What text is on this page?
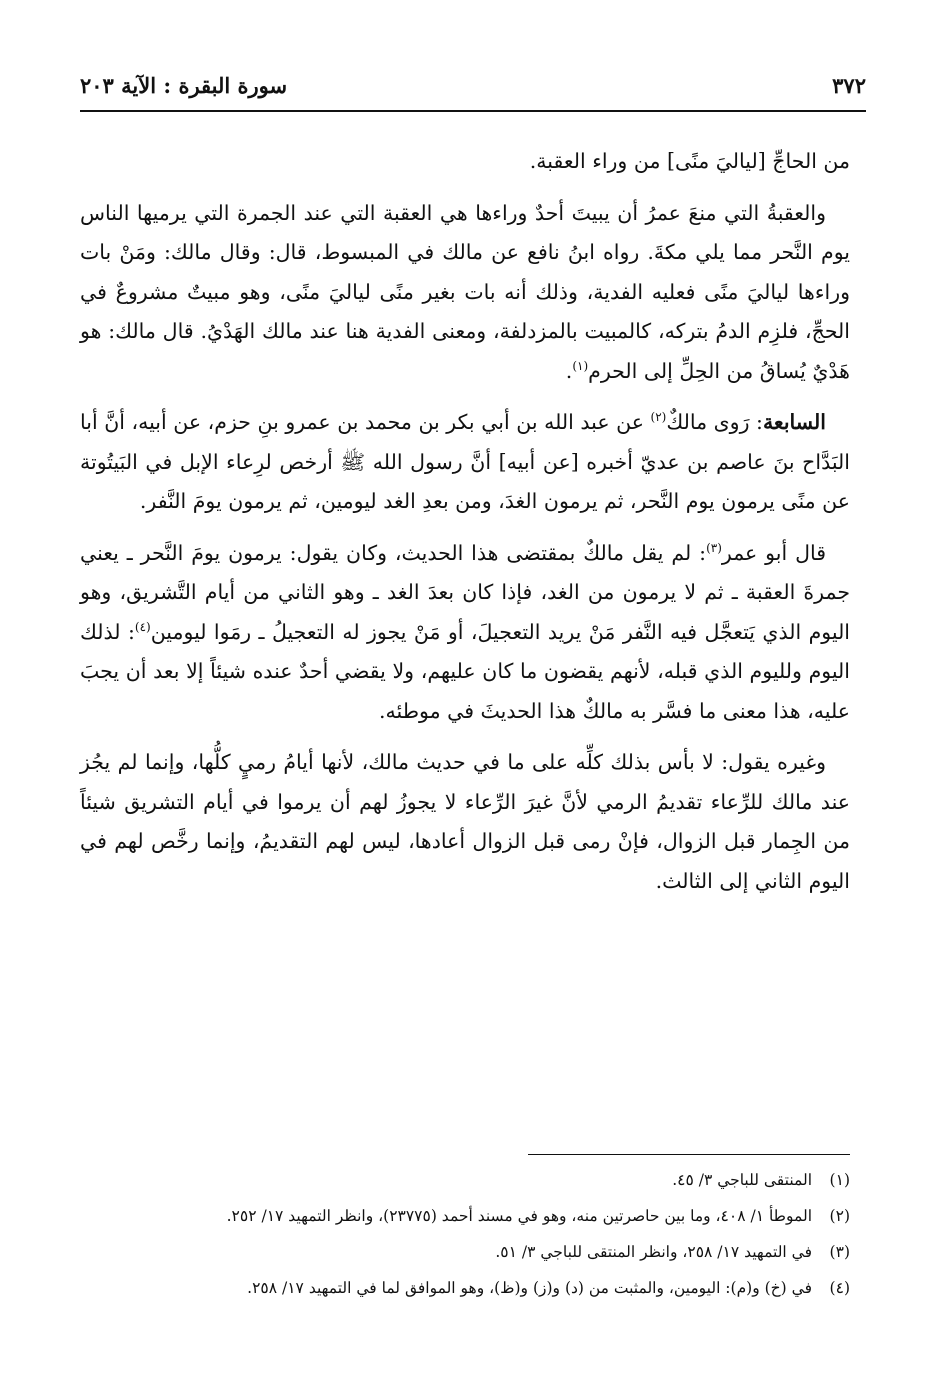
٣٧٢
سورة البقرة : الآية ٢٠٣

من الحاجِّ [لياليَ منًى] من وراء العقبة.

والعقبةُ التي منعَ عمرُ أن يبيتَ أحدٌ وراءها هي العقبة التي عند الجمرة التي يرميها الناس يوم النَّحر مما يلي مكةَ. رواه ابنُ نافع عن مالك في المبسوط، قال: وقال مالك: ومَنْ بات وراءها لياليَ منًى فعليه الفدية، وذلك أنه بات بغير منًى لياليَ منًى، وهو مبيتٌ مشروعٌ في الحجِّ، فلزِم الدمُ بتركه، كالمبيت بالمزدلفة، ومعنى الفدية هنا عند مالك الهَدْيُ. قال مالك: هو هَدْيٌ يُساقُ من الحِلِّ إلى الحرم$^{(١)}$.

السابعة: رَوى مالكٌ$^{(٢)}$ عن عبد الله بن أبي بكر بن محمد بن عمرو بنِ حزم، عن أبيه، أنَّ أبا البَدَّاح بنَ عاصم بن عديّ أخبره [عن أبيه] أنَّ رسول الله ﷺ أرخص لرِعاء الإبل في البَيتُوتة عن منًى يرمون يوم النَّحر، ثم يرمون الغدَ، ومن بعدِ الغد ليومين، ثم يرمون يومَ النَّفر.

قال أبو عمر$^{(٣)}$: لم يقل مالكٌ بمقتضى هذا الحديث، وكان يقول: يرمون يومَ النَّحر ـ يعني جمرةَ العقبة ـ ثم لا يرمون من الغد، فإذا كان بعدَ الغد ـ وهو الثاني من أيام التَّشريق، وهو اليوم الذي يَتعجَّل فيه النَّفر مَنْ يريد التعجيلَ، أو مَنْ يجوز له التعجيلُ ـ رمَوا ليومين$^{(٤)}$: لذلك اليوم ولليوم الذي قبله، لأنهم يقضون ما كان عليهم، ولا يقضي أحدٌ عنده شيئاً إلا بعد أن يجبَ عليه، هذا معنى ما فسَّر به مالكٌ هذا الحديثَ في موطئه.

وغيره يقول: لا بأس بذلك كلِّه على ما في حديث مالك، لأنها أيامُ رميٍ كلُّها، وإنما لم يجُز عند مالك للرِّعاء تقديمُ الرمي لأنَّ غيرَ الرِّعاء لا يجوزُ لهم أن يرموا في أيام التشريق شيئاً من الجِمار قبل الزوال، فإنْ رمى قبل الزوال أعادها، ليس لهم التقديمُ، وإنما رخَّص لهم في اليوم الثاني إلى الثالث.

(١)
المنتقى للباجي ٣/ ٤٥.
(٢)
الموطأ ١/ ٤٠٨، وما بين حاصرتين منه، وهو في مسند أحمد (٢٣٧٧٥)، وانظر التمهيد ١٧/ ٢٥٢.
(٣)
في التمهيد ١٧/ ٢٥٨، وانظر المنتقى للباجي ٣/ ٥١.
(٤)
في (خ) و(م): اليومين، والمثبت من (د) و(ز) و(ظ)، وهو الموافق لما في التمهيد ١٧/ ٢٥٨.
